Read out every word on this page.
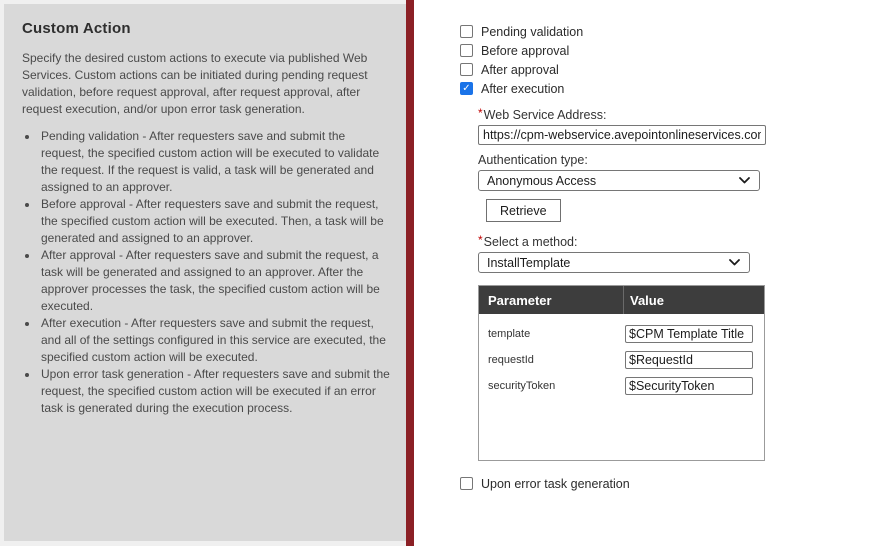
Custom Action

Specify the desired custom actions to execute via published Web Services. Custom actions can be initiated during pending request validation, before request approval, after request approval, after request execution, and/or upon error task generation.

• Pending validation - After requesters save and submit the request, the specified custom action will be executed to validate the request. If the request is valid, a task will be generated and assigned to an approver.
• Before approval - After requesters save and submit the request, the specified custom action will be executed. Then, a task will be generated and assigned to an approver.
• After approval - After requesters save and submit the request, a task will be generated and assigned to an approver. After the approver processes the task, the specified custom action will be executed.
• After execution - After requesters save and submit the request, and all of the settings configured in this service are executed, the specified custom action will be executed.
• Upon error task generation - After requesters save and submit the request, the specified custom action will be executed if an error task is generated during the execution process.
Pending validation
Before approval
After approval
✓ After execution
*Web Service Address:
https://cpm-webservice.avepointonlineservices.com/l
Authentication type:
Anonymous Access
Retrieve
*Select a method:
InstallTemplate
Parameter	Value
template
$CPM Template Title
requestId
$RequestId
securityToken
$SecurityToken
Upon error task generation
